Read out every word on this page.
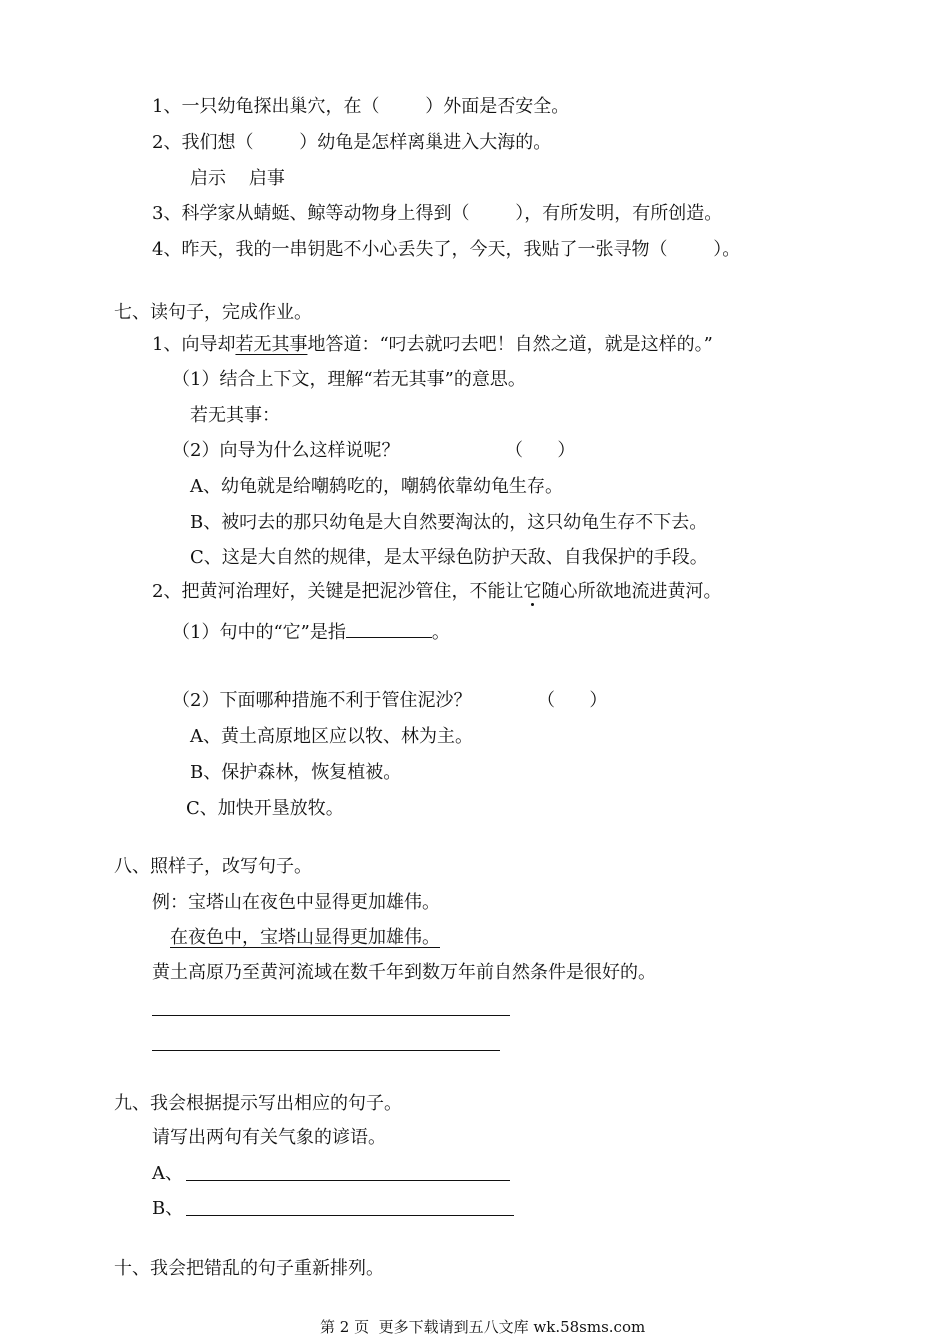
1、一只幼龟探出巢穴，在（        ）外面是否安全。
2、我们想（        ）幼龟是怎样离巢进入大海的。
启示    启事
3、科学家从蜻蜓、鲸等动物身上得到（        ），有所发明，有所创造。
4、昨天，我的一串钥匙不小心丢失了，今天，我贴了一张寻物（        ）。
七、读句子，完成作业。
1、向导却若无其事地答道：“叼去就叼去吧！自然之道，就是这样的。”
（1）结合上下文，理解“若无其事”的意思。
若无其事：
（2）向导为什么这样说呢？	（      ）
A、幼龟就是给嘲鸫吃的，嘲鸫依靠幼龟生存。
B、被叼去的那只幼龟是大自然要淘汰的，这只幼龟生存不下去。
C、这是大自然的规律，是太平绿色防护天敌、自我保护的手段。
2、把黄河治理好，关键是把泥沙管住，不能让它
随心所欲地流进黄河。
（1）句中的“它”是指	。
（2）下面哪种措施不利于管住泥沙？	（      ）
A、黄土高原地区应以牧、林为主。
B、保护森林，恢复植被。
C、加快开垦放牧。
八、照样子，改写句子。
例：宝塔山在夜色中显得更加雄伟。
在夜色中，宝塔山显得更加雄伟。
黄土高原乃至黄河流域在数千年到数万年前自然条件是很好的。
九、我会根据提示写出相应的句子。
请写出两句有关气象的谚语。
A、
B、
十、我会把错乱的句子重新排列。
第 2 页  更多下载请到五八文库 wk.58sms.com
